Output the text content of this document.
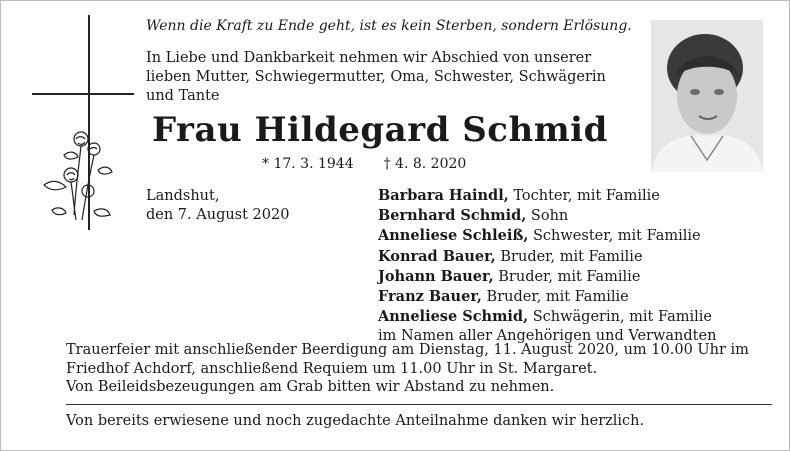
Wenn die Kraft zu Ende geht, ist es kein Sterben, sondern Erlösung.
In Liebe und Dankbarkeit nehmen wir Abschied von unserer
lieben Mutter, Schwiegermutter, Oma, Schwester, Schwägerin
und Tante
Frau Hildegard Schmid
* 17. 3. 1944 † 4. 8. 2020
Landshut,
den 7. August 2020
Barbara Haindl, Tochter, mit Familie
Bernhard Schmid, Sohn
Anneliese Schleiß, Schwester, mit Familie
Konrad Bauer, Bruder, mit Familie
Johann Bauer, Bruder, mit Familie
Franz Bauer, Bruder, mit Familie
Anneliese Schmid, Schwägerin, mit Familie
im Namen aller Angehörigen und Verwandten
Trauerfeier mit anschließender Beerdigung am Dienstag, 11. August 2020, um 10.00 Uhr im
Friedhof Achdorf, anschließend Requiem um 11.00 Uhr in St. Margaret.
Von Beileidsbezeugungen am Grab bitten wir Abstand zu nehmen.
Von bereits erwiesene und noch zugedachte Anteilnahme danken wir herzlich.
